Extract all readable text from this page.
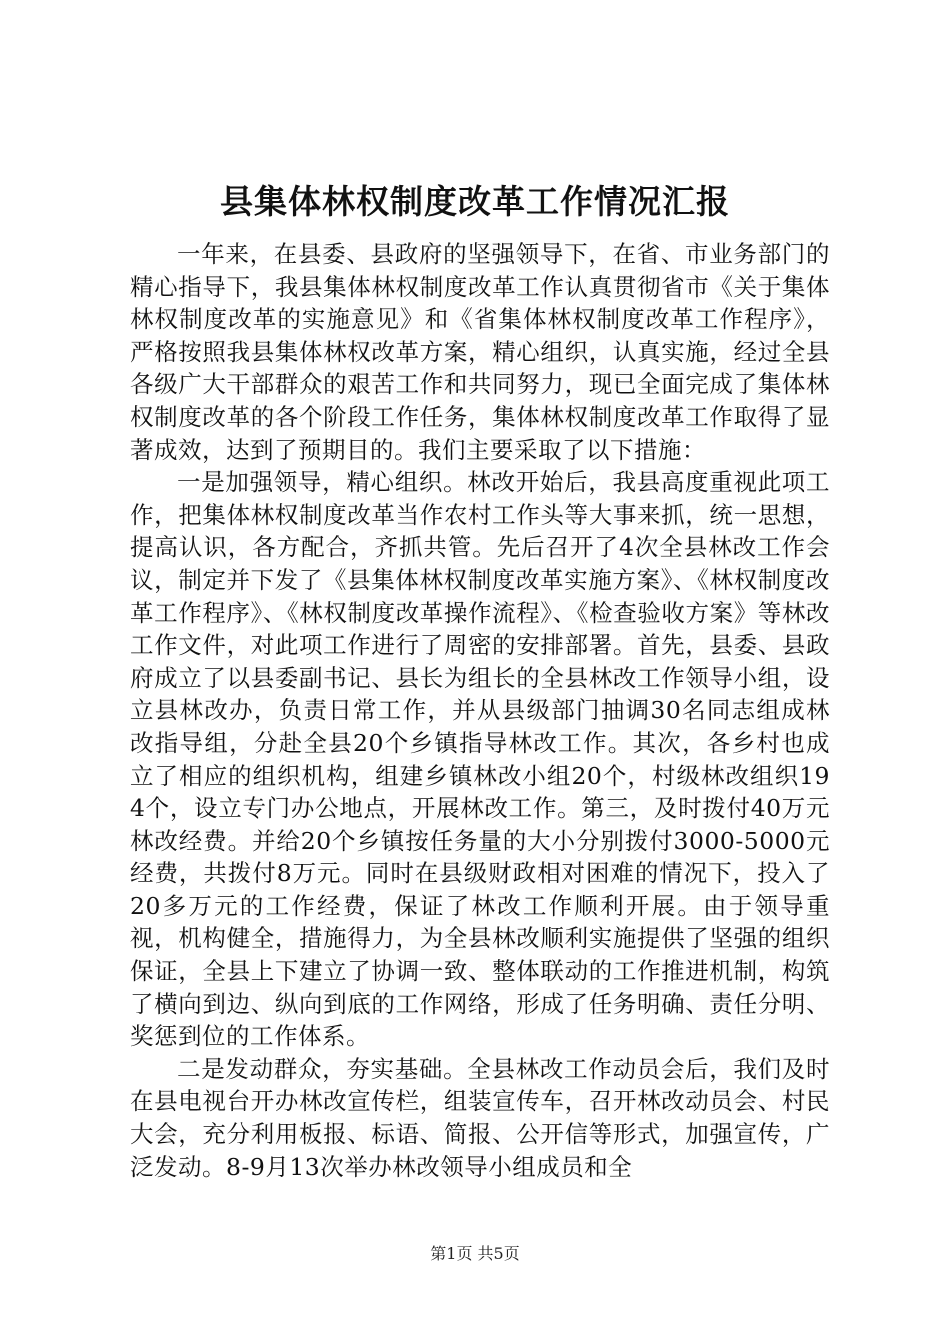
县集体林权制度改革工作情况汇报

一年来，在县委、县政府的坚强领导下，在省、市业务部门的精心指导下，我县集体林权制度改革工作认真贯彻省市《关于集体林权制度改革的实施意见》和《省集体林权制度改革工作程序》，严格按照我县集体林权改革方案，精心组织，认真实施，经过全县各级广大干部群众的艰苦工作和共同努力，现已全面完成了集体林权制度改革的各个阶段工作任务，集体林权制度改革工作取得了显著成效，达到了预期目的。我们主要采取了以下措施：

一是加强领导，精心组织。林改开始后，我县高度重视此项工作，把集体林权制度改革当作农村工作头等大事来抓，统一思想，提高认识，各方配合，齐抓共管。先后召开了4次全县林改工作会议，制定并下发了《县集体林权制度改革实施方案》、《林权制度改革工作程序》、《林权制度改革操作流程》、《检查验收方案》等林改工作文件，对此项工作进行了周密的安排部署。首先，县委、县政府成立了以县委副书记、县长为组长的全县林改工作领导小组，设立县林改办，负责日常工作，并从县级部门抽调30名同志组成林改指导组，分赴全县20个乡镇指导林改工作。其次，各乡村也成立了相应的组织机构，组建乡镇林改小组20个，村级林改组织194个，设立专门办公地点，开展林改工作。第三，及时拨付40万元林改经费。并给20个乡镇按任务量的大小分别拨付3000-5000元经费，共拨付8万元。同时在县级财政相对困难的情况下，投入了20多万元的工作经费，保证了林改工作顺利开展。由于领导重视，机构健全，措施得力，为全县林改顺利实施提供了坚强的组织保证，全县上下建立了协调一致、整体联动的工作推进机制，构筑了横向到边、纵向到底的工作网络，形成了任务明确、责任分明、奖惩到位的工作体系。

二是发动群众，夯实基础。全县林改工作动员会后，我们及时在县电视台开办林改宣传栏，组装宣传车，召开林改动员会、村民大会，充分利用板报、标语、简报、公开信等形式，加强宣传，广泛发动。8-9月13次举办林改领导小组成员和全

第1页 共5页
